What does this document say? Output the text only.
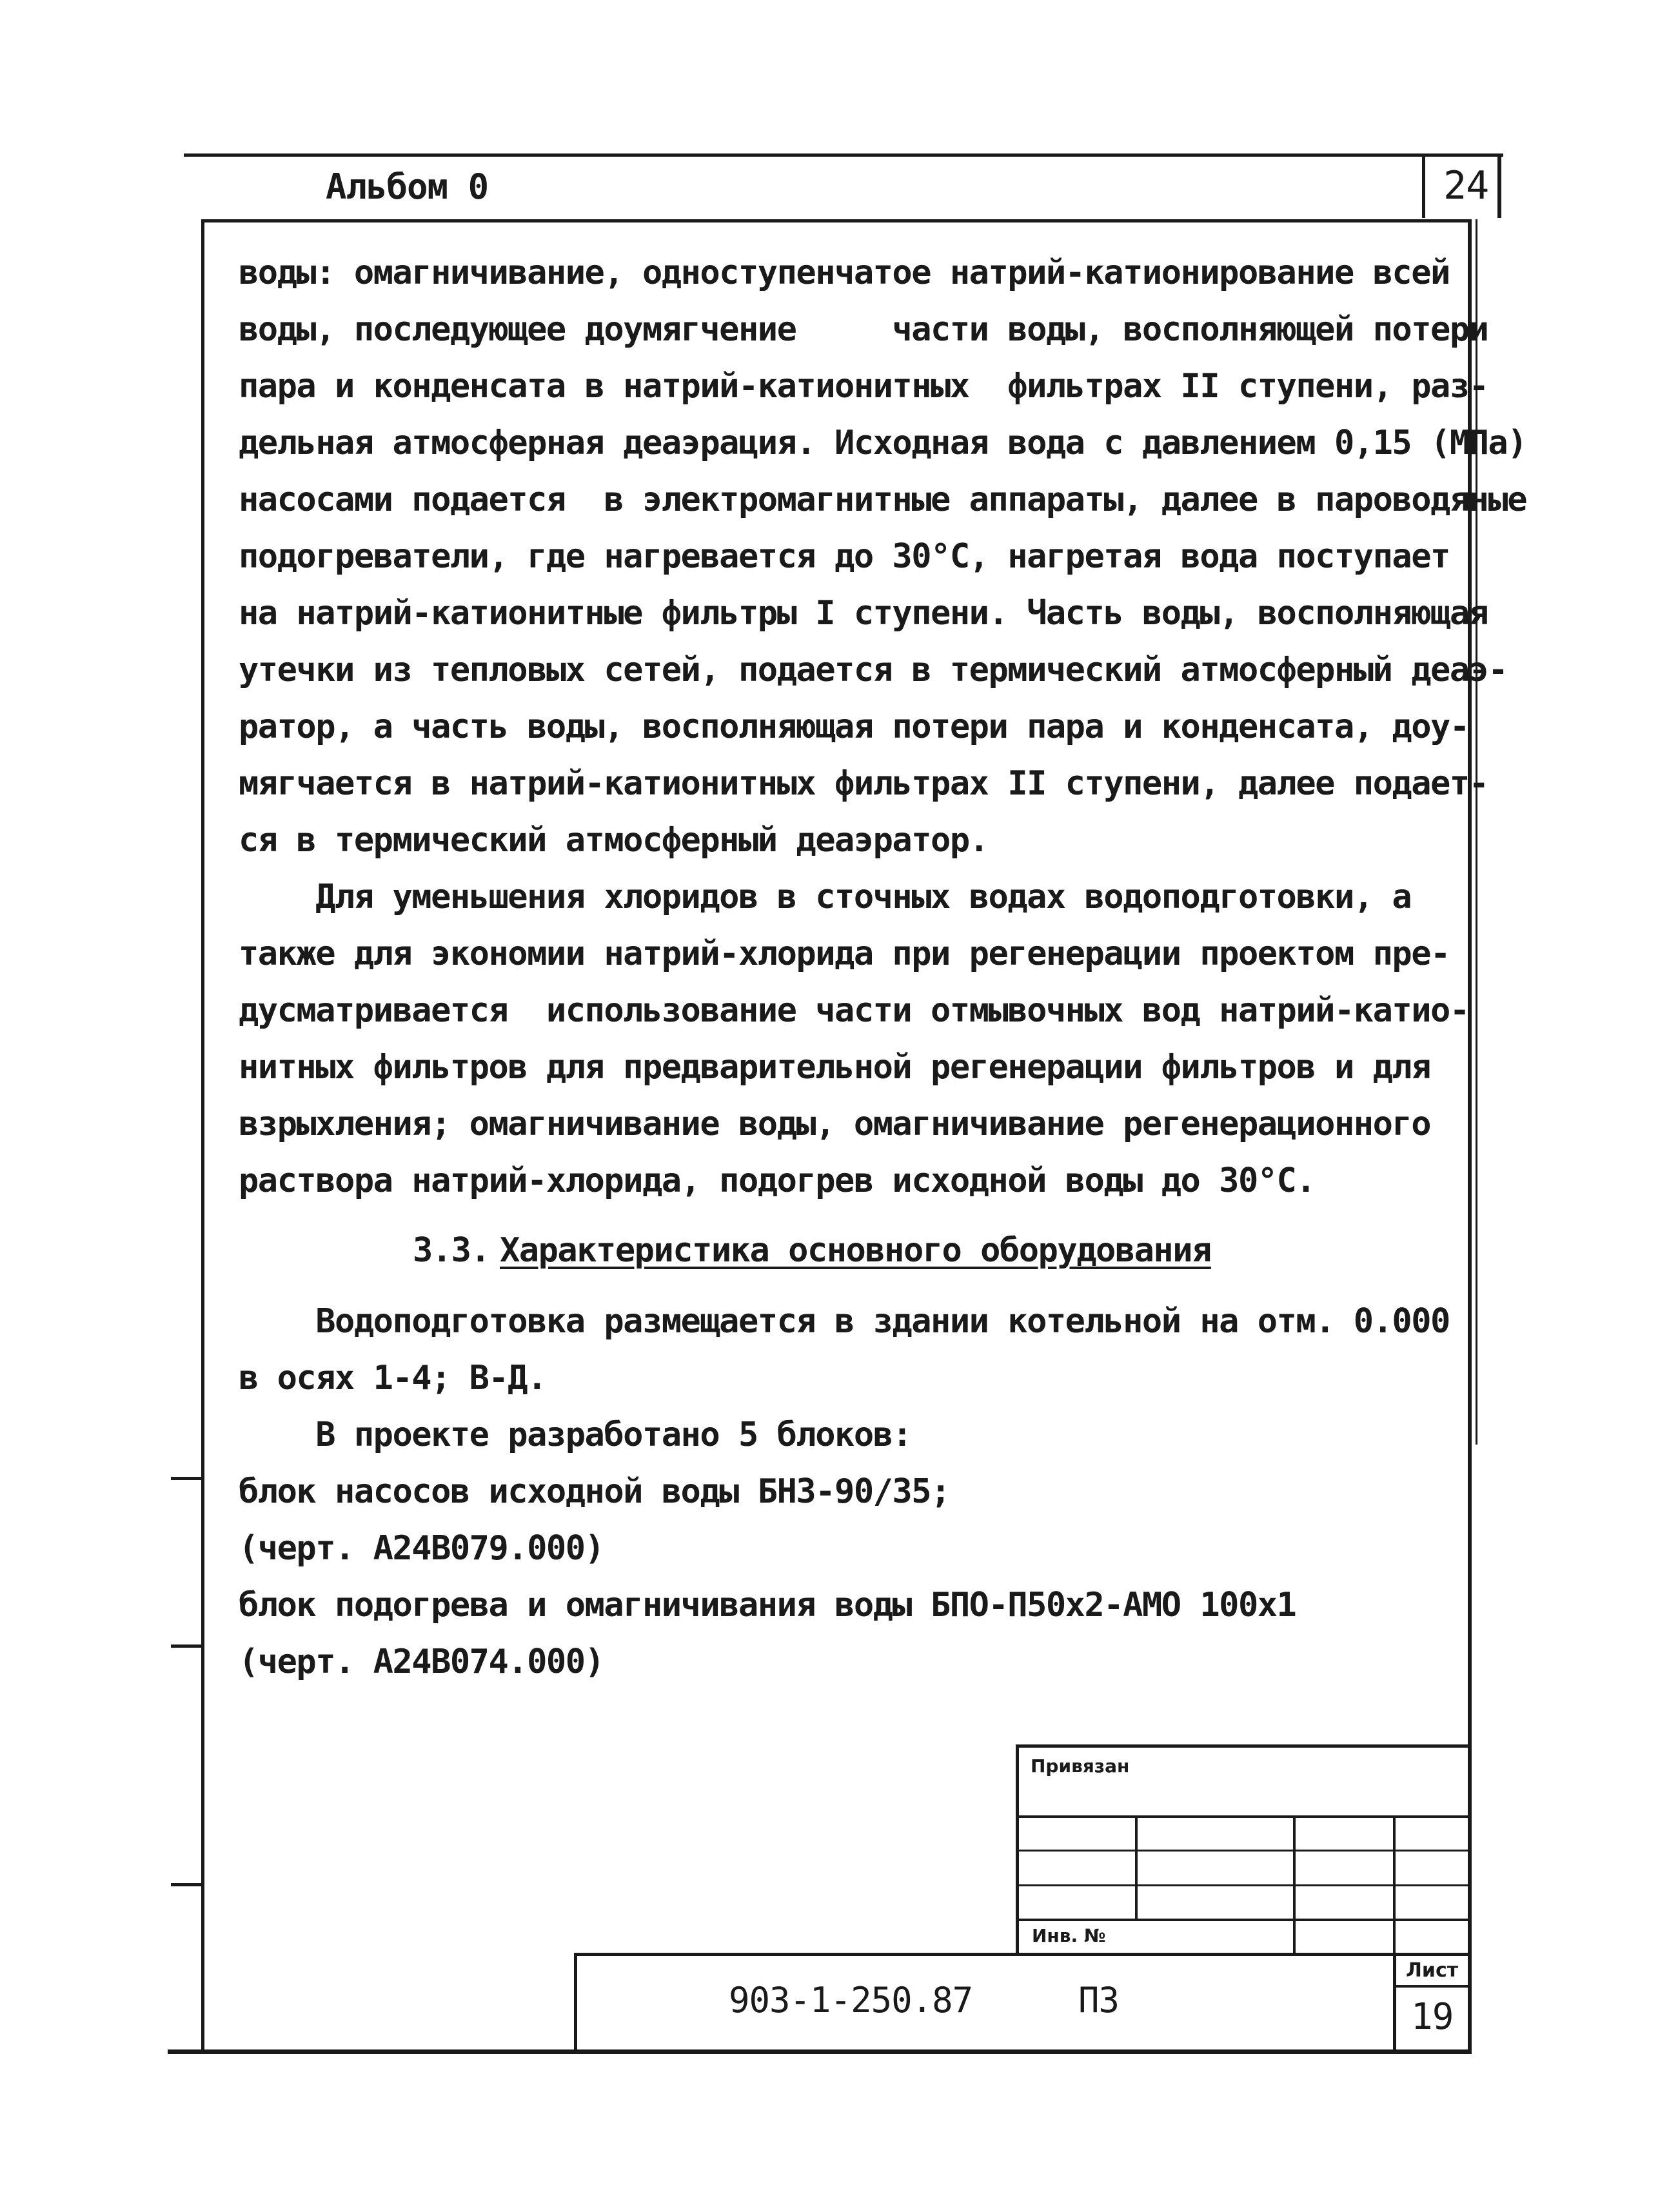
Альбом 0	24
воды: омагничивание, одноступенчатое натрий-катионирование всей
воды, последующее доумягчение     части воды, восполняющей потери
пара и конденсата в натрий-катионитных  фильтрах II ступени, раз-
дельная атмосферная деаэрация. Исходная вода с давлением 0,15 (МПа)
насосами подается  в электромагнитные аппараты, далее в пароводяные
подогреватели, где нагревается до 30°C, нагретая вода поступает
на натрий-катионитные фильтры I ступени. Часть воды, восполняющая
утечки из тепловых сетей, подается в термический атмосферный деаэ-
ратор, а часть воды, восполняющая потери пара и конденсата, доу-
мягчается в натрий-катионитных фильтрах II ступени, далее подает-
ся в термический атмосферный деаэратор.
Для уменьшения хлоридов в сточных водах водоподготовки, а
также для экономии натрий-хлорида при регенерации проектом пре-
дусматривается  использование части отмывочных вод натрий-катио-
нитных фильтров для предварительной регенерации фильтров и для
взрыхления; омагничивание воды, омагничивание регенерационного
раствора натрий-хлорида, подогрев исходной воды до 30°C.
3.3. Характеристика основного оборудования
Водоподготовка размещается в здании котельной на отм. 0.000
в осях 1-4; В-Д.
В проекте разработано 5 блоков:
блок насосов исходной воды БНЗ-90/35;
(черт. А24В079.000)
блок подогрева и омагничивания воды БПО-П50х2-АМО 100х1
(черт. А24В074.000)
Привязан
Инв. №
903-1-250.87	ПЗ
Лист
19
